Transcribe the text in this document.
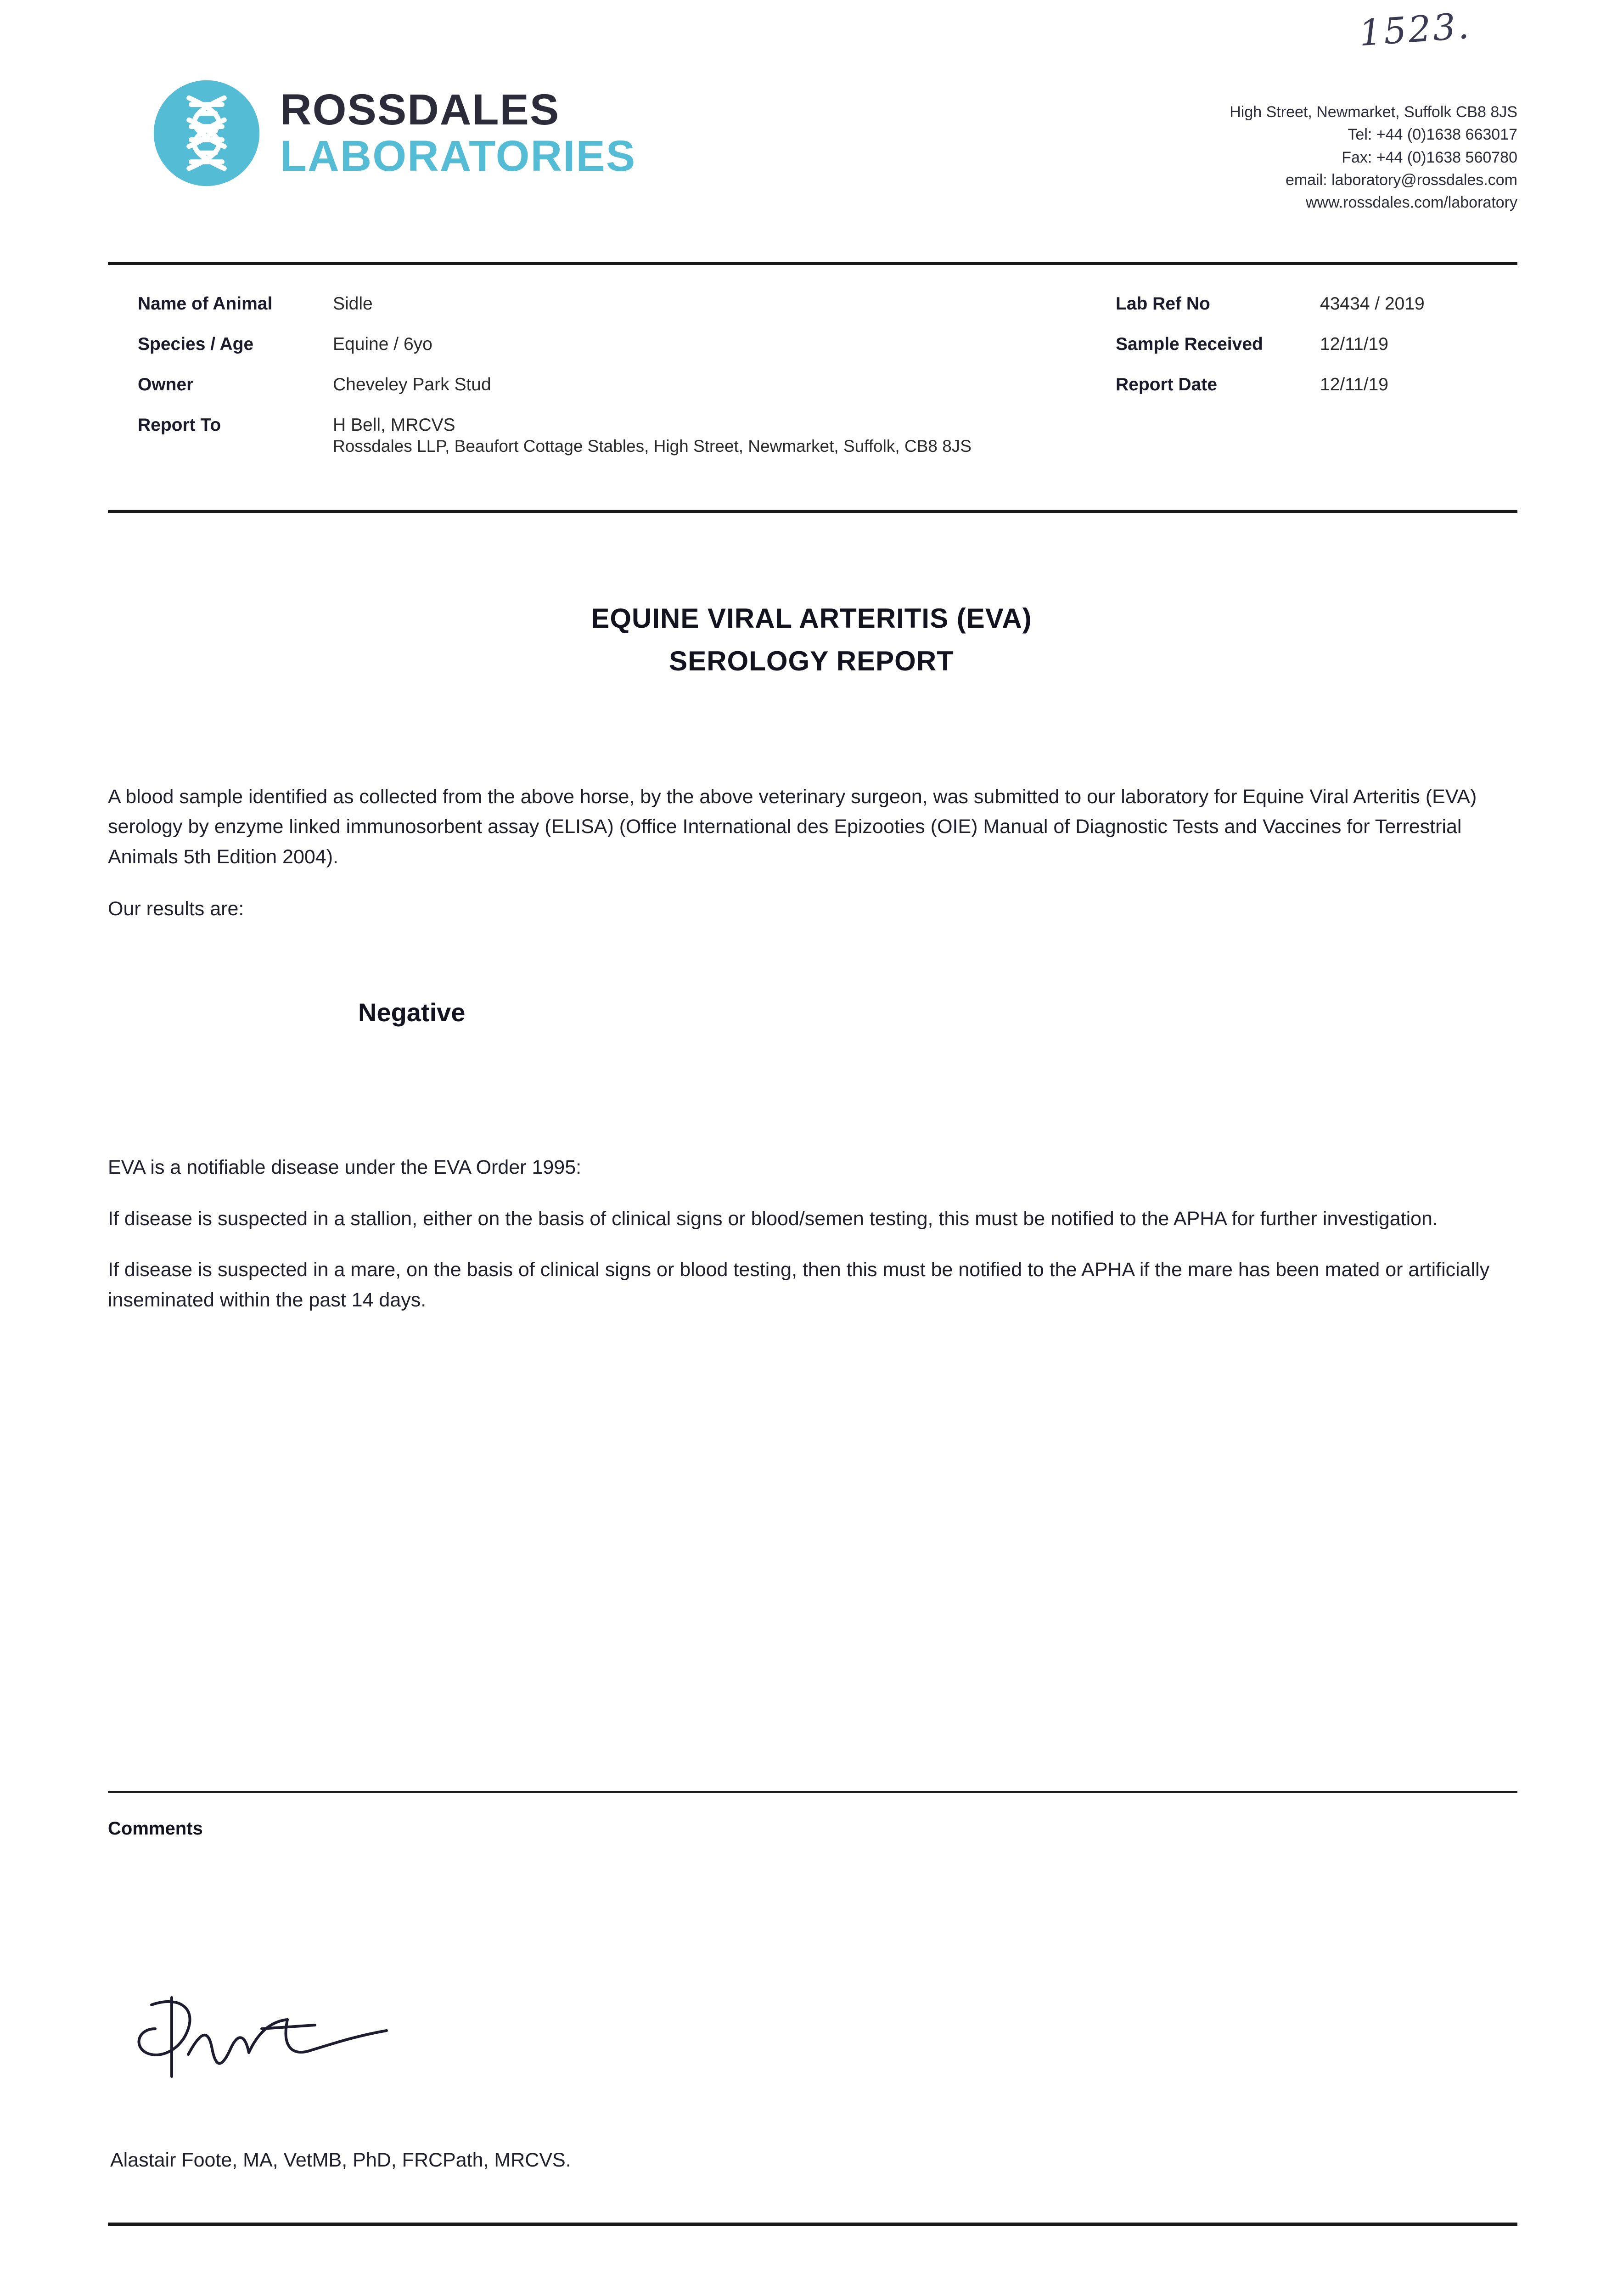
1523.
ROSSDALES
LABORATORIES
High Street, Newmarket, Suffolk CB8 8JS
Tel: +44 (0)1638 663017
Fax: +44 (0)1638 560780
email: laboratory@rossdales.com
www.rossdales.com/laboratory
Name of Animal	Sidle	Lab Ref No	43434 / 2019
Species / Age	Equine / 6yo	Sample Received	12/11/19
Owner	Cheveley Park Stud	Report Date	12/11/19
Report To	H Bell, MRCVS
Rossdales LLP, Beaufort Cottage Stables, High Street, Newmarket, Suffolk, CB8 8JS
EQUINE VIRAL ARTERITIS (EVA)
SEROLOGY REPORT

A blood sample identified as collected from the above horse, by the above veterinary surgeon, was submitted to our laboratory for Equine Viral Arteritis (EVA) serology by enzyme linked immunosorbent assay (ELISA) (Office International des Epizooties (OIE) Manual of Diagnostic Tests and Vaccines for Terrestrial Animals 5th Edition 2004).

Our results are:

Negative

EVA is a notifiable disease under the EVA Order 1995:

If disease is suspected in a stallion, either on the basis of clinical signs or blood/semen testing, this must be notified to the APHA for further investigation.

If disease is suspected in a mare, on the basis of clinical signs or blood testing, then this must be notified to the APHA if the mare has been mated or artificially inseminated within the past 14 days.

Comments
Alastair Foote, MA, VetMB, PhD, FRCPath, MRCVS.
